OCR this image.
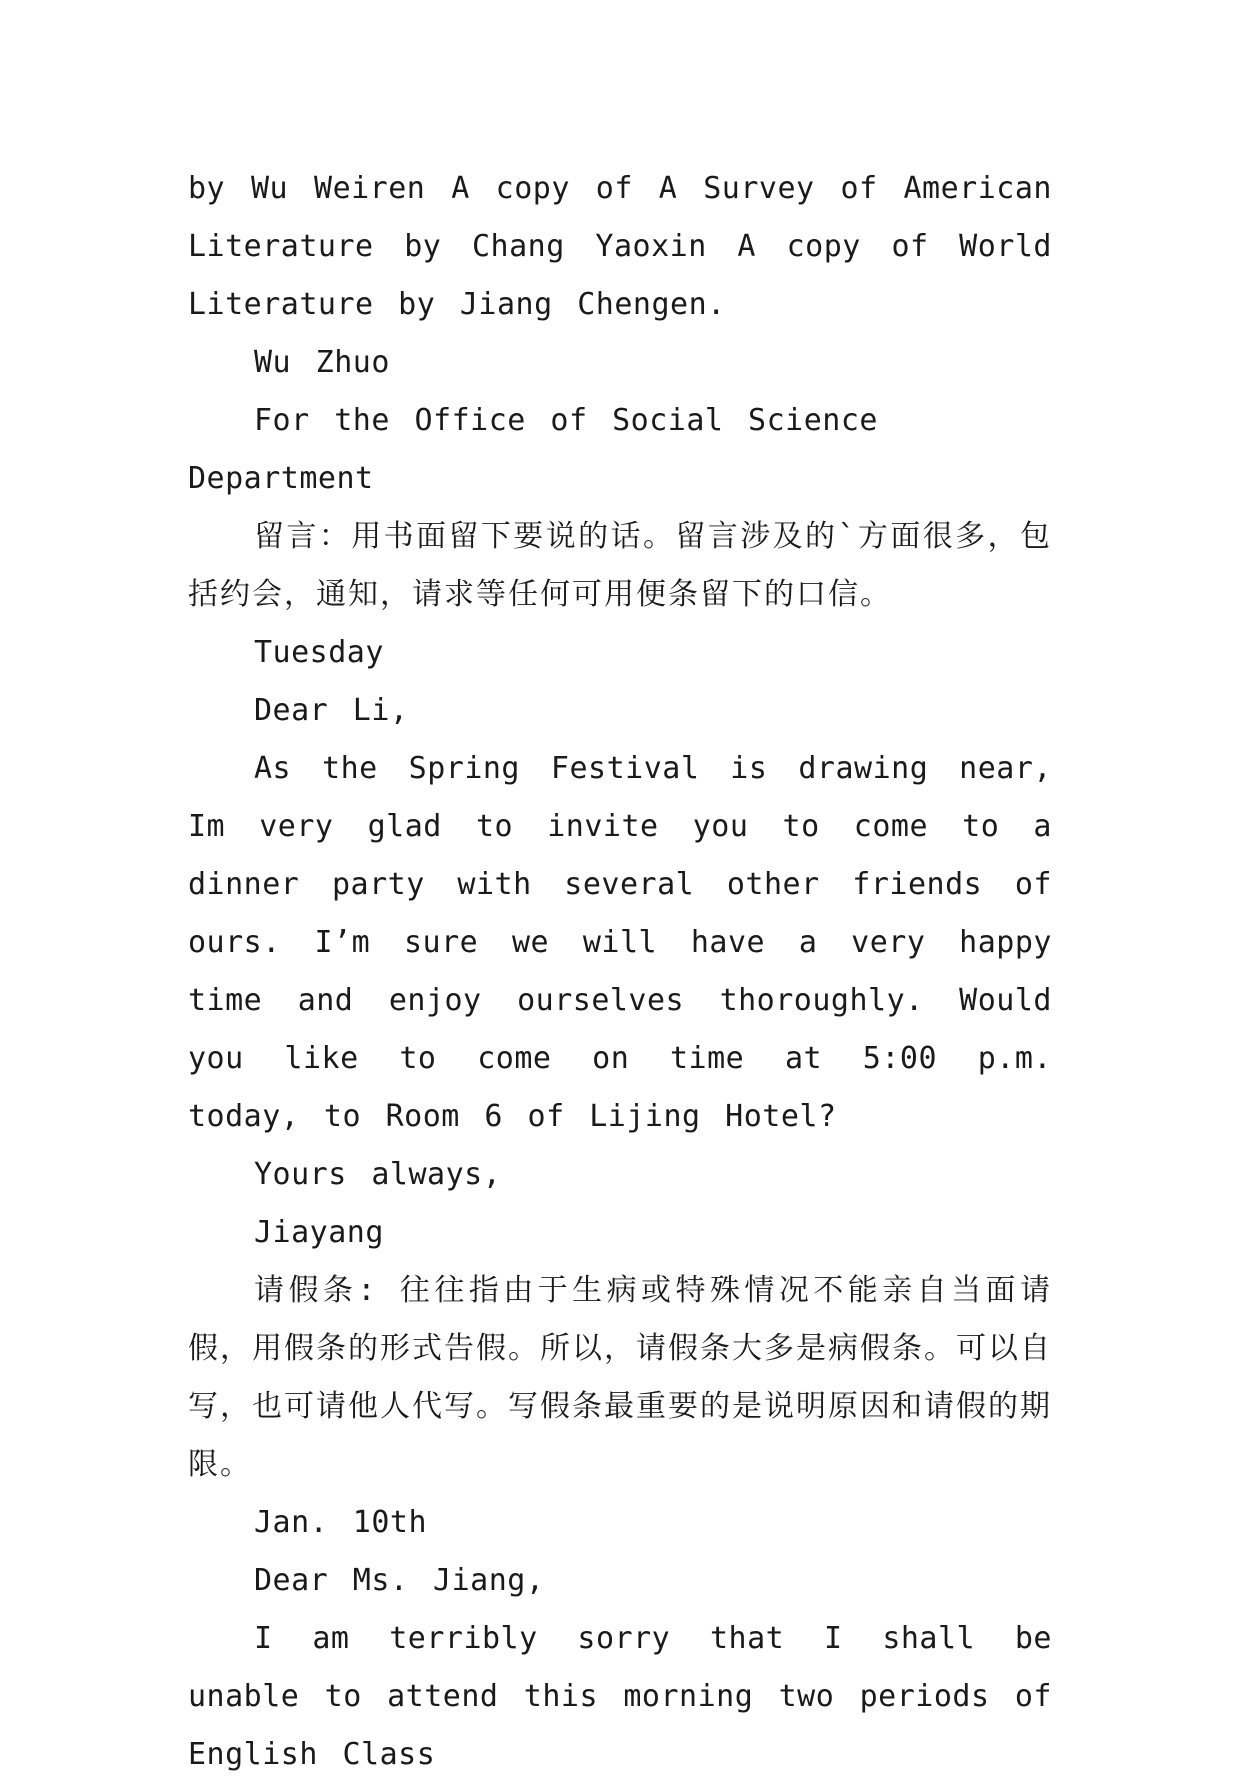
by Wu Weiren A copy of A Survey of American Literature by Chang Yaoxin A copy of World Literature by Jiang Chengen.

Wu Zhuo

For the Office of Social Science Department

留言：用书面留下要说的话。留言涉及的`方面很多，包括约会，通知，请求等任何可用便条留下的口信。

Tuesday

Dear Li,

As the Spring Festival is drawing near, Im very glad to invite you to come to a dinner party with several other friends of ours. I’m sure we will have a very happy time and enjoy ourselves thoroughly. Would you like to come on time at 5:00 p.m. today, to Room 6 of Lijing Hotel?

Yours always,

Jiayang

请假条: 往往指由于生病或特殊情况不能亲自当面请假，用假条的形式告假。所以，请假条大多是病假条。可以自写，也可请他人代写。写假条最重要的是说明原因和请假的期限。

Jan. 10th

Dear Ms. Jiang,

I am terribly sorry that I shall be unable to attend this morning two periods of English Class
